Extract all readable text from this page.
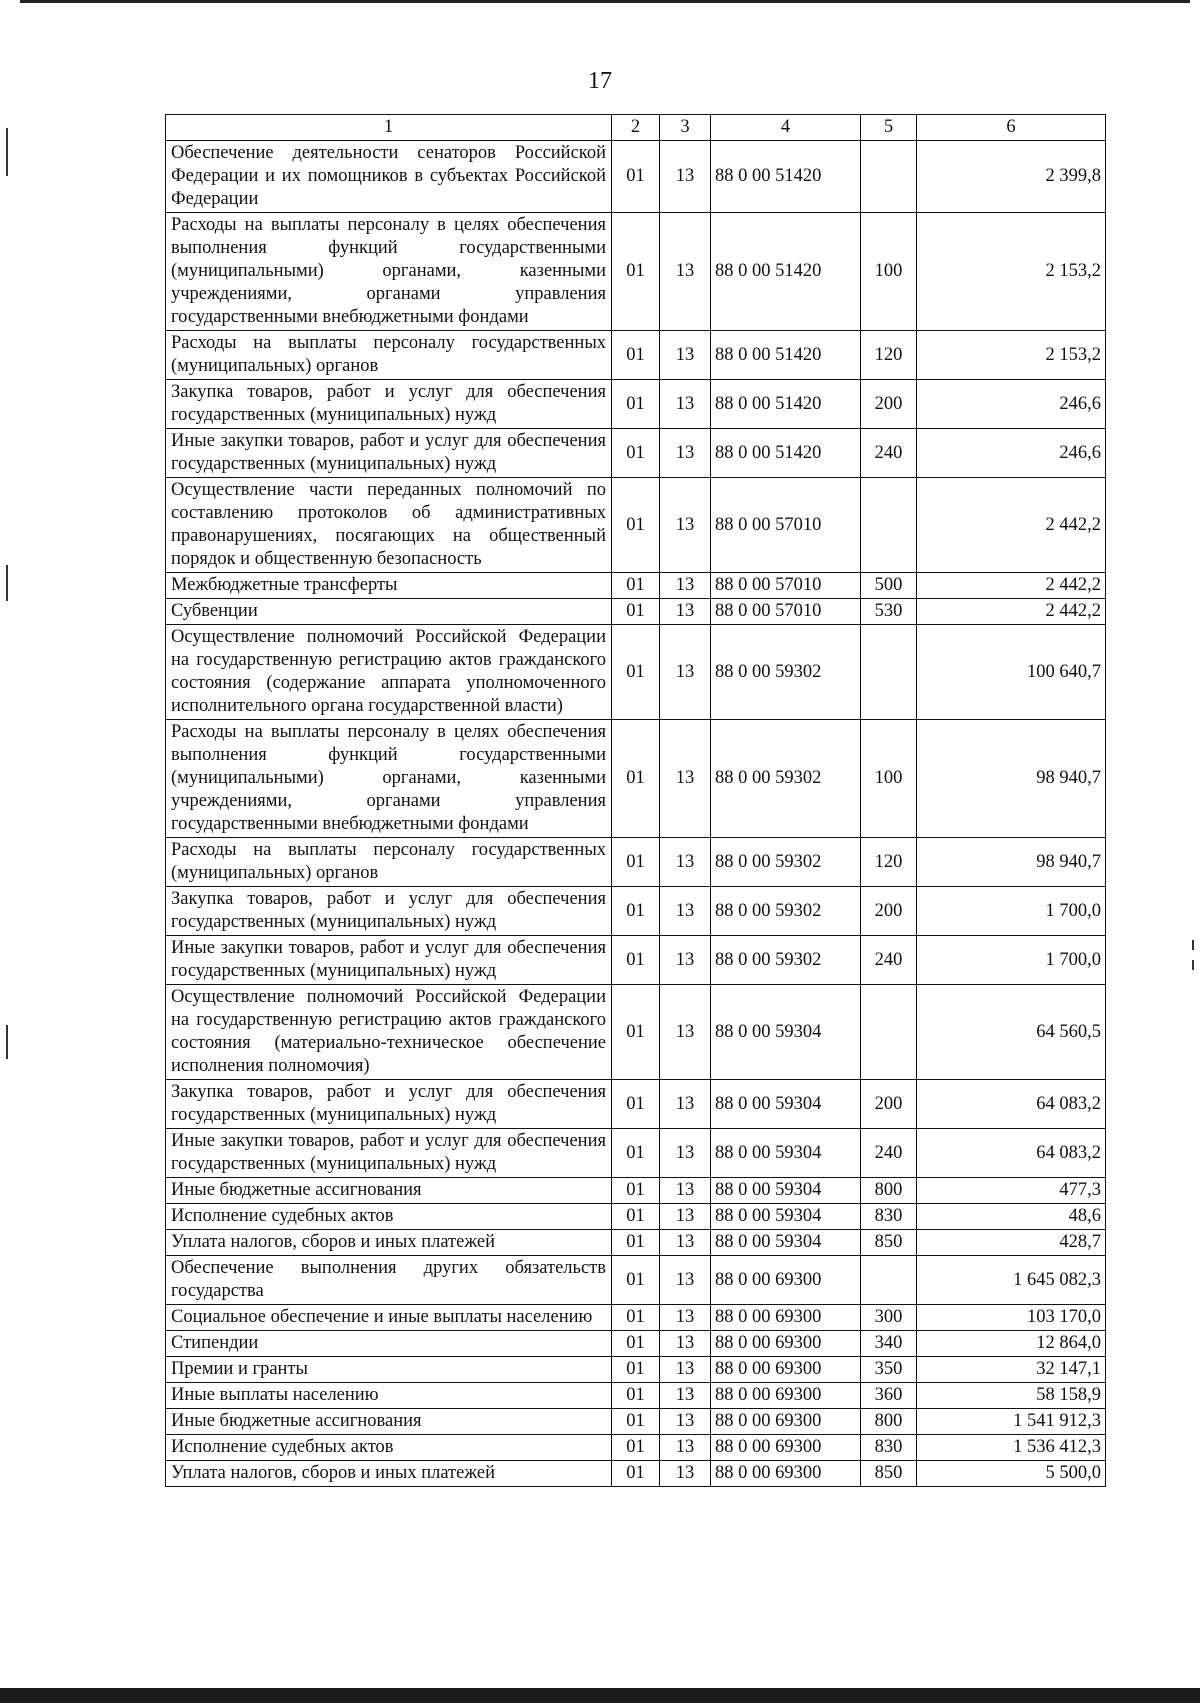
17
1	2	3	4	5	6
Обеспечение деятельности сенаторов Российской Федерации и их помощников в субъектах Российской Федерации	01	13	88 0 00 51420		2 399,8
Расходы на выплаты персоналу в целях обеспечения выполнения функций государственными (муниципальными) органами, казенными учреждениями, органами управления государственными внебюджетными фондами	01	13	88 0 00 51420	100	2 153,2
Расходы на выплаты персоналу государственных (муниципальных) органов	01	13	88 0 00 51420	120	2 153,2
Закупка товаров, работ и услуг для обеспечения государственных (муниципальных) нужд	01	13	88 0 00 51420	200	246,6
Иные закупки товаров, работ и услуг для обеспечения государственных (муниципальных) нужд	01	13	88 0 00 51420	240	246,6
Осуществление части переданных полномочий по составлению протоколов об административных правонарушениях, посягающих на общественный порядок и общественную безопасность	01	13	88 0 00 57010		2 442,2
Межбюджетные трансферты	01	13	88 0 00 57010	500	2 442,2
Субвенции	01	13	88 0 00 57010	530	2 442,2
Осуществление полномочий Российской Федерации на государственную регистрацию актов гражданского состояния (содержание аппарата уполномоченного исполнительного органа государственной власти)	01	13	88 0 00 59302		100 640,7
Расходы на выплаты персоналу в целях обеспечения выполнения функций государственными (муниципальными) органами, казенными учреждениями, органами управления государственными внебюджетными фондами	01	13	88 0 00 59302	100	98 940,7
Расходы на выплаты персоналу государственных (муниципальных) органов	01	13	88 0 00 59302	120	98 940,7
Закупка товаров, работ и услуг для обеспечения государственных (муниципальных) нужд	01	13	88 0 00 59302	200	1 700,0
Иные закупки товаров, работ и услуг для обеспечения государственных (муниципальных) нужд	01	13	88 0 00 59302	240	1 700,0
Осуществление полномочий Российской Федерации на государственную регистрацию актов гражданского состояния (материально-техническое обеспечение исполнения полномочия)	01	13	88 0 00 59304		64 560,5
Закупка товаров, работ и услуг для обеспечения государственных (муниципальных) нужд	01	13	88 0 00 59304	200	64 083,2
Иные закупки товаров, работ и услуг для обеспечения государственных (муниципальных) нужд	01	13	88 0 00 59304	240	64 083,2
Иные бюджетные ассигнования	01	13	88 0 00 59304	800	477,3
Исполнение судебных актов	01	13	88 0 00 59304	830	48,6
Уплата налогов, сборов и иных платежей	01	13	88 0 00 59304	850	428,7
Обеспечение выполнения других обязательств государства	01	13	88 0 00 69300		1 645 082,3
Социальное обеспечение и иные выплаты населению	01	13	88 0 00 69300	300	103 170,0
Стипендии	01	13	88 0 00 69300	340	12 864,0
Премии и гранты	01	13	88 0 00 69300	350	32 147,1
Иные выплаты населению	01	13	88 0 00 69300	360	58 158,9
Иные бюджетные ассигнования	01	13	88 0 00 69300	800	1 541 912,3
Исполнение судебных актов	01	13	88 0 00 69300	830	1 536 412,3
Уплата налогов, сборов и иных платежей	01	13	88 0 00 69300	850	5 500,0
